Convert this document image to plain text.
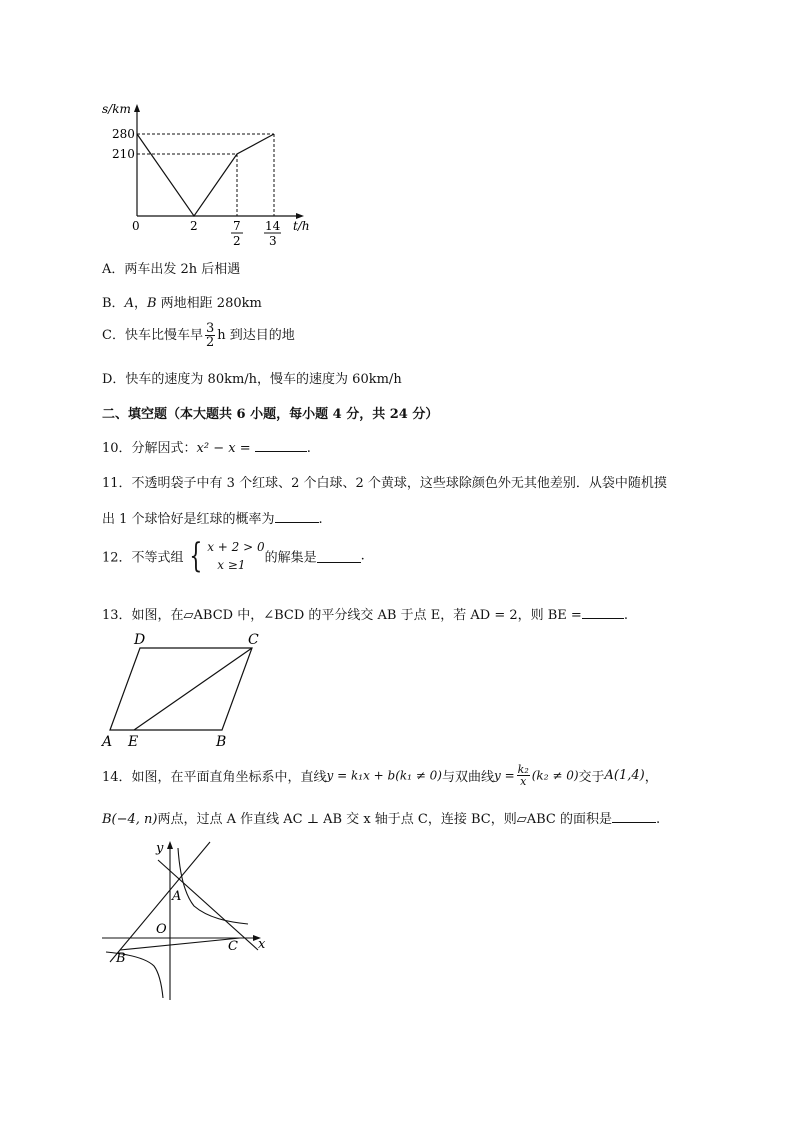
s/km
280
210
0	2	7
2
14
3
t/h
A．两车出发 2h 后相遇
B．A，B 两地相距 280km
C．快车比慢车早 $\frac{3}{2}$ h 到达目的地
D．快车的速度为 80km/h，慢车的速度为 60km/h
二、填空题（本大题共 6 小题，每小题 4 分，共 24 分）
10．分解因式：x² − x =	.
11．不透明袋子中有 3 个红球、2 个白球、2 个黄球，这些球除颜色外无其他差别．从袋中随机摸
出 1 个球恰好是红球的概率为	.
12．不等式组 { x + 2 > 0
x ≥1	的解集是	.
13．如图，在▱ABCD 中，∠BCD 的平分线交 AB 于点 E，若 AD = 2，则 BE =	.
D	C
A E	B
14．如图，在平面直角坐标系中，直线y = k₁x + b(k₁ ≠ 0)与双曲线$y = \frac{\text{k₂}}{x} (k_2 \ne 0)$交于A(1,4)，
B(−4, n)两点，过点 A 作直线 AC ⊥ AB 交 x 轴于点 C，连接 BC，则▱ABC 的面积是	.
y
x
O
A
B
C
